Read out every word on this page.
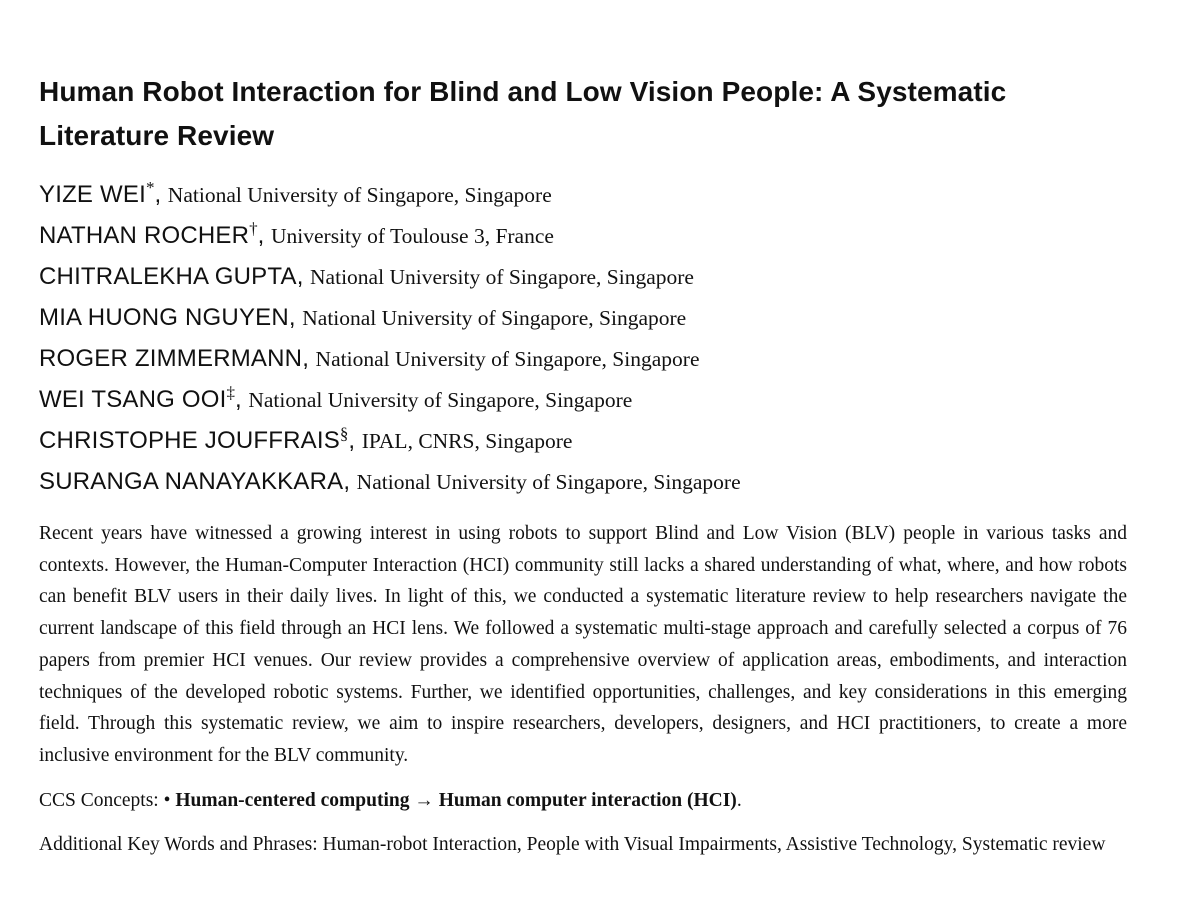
Human Robot Interaction for Blind and Low Vision People: A Systematic Literature Review
YIZE WEI*, National University of Singapore, Singapore
NATHAN ROCHER†, University of Toulouse 3, France
CHITRALEKHA GUPTA, National University of Singapore, Singapore
MIA HUONG NGUYEN, National University of Singapore, Singapore
ROGER ZIMMERMANN, National University of Singapore, Singapore
WEI TSANG OOI‡, National University of Singapore, Singapore
CHRISTOPHE JOUFFRAIS§, IPAL, CNRS, Singapore
SURANGA NANAYAKKARA, National University of Singapore, Singapore

Recent years have witnessed a growing interest in using robots to support Blind and Low Vision (BLV) people in various tasks and contexts. However, the Human-Computer Interaction (HCI) community still lacks a shared understanding of what, where, and how robots can benefit BLV users in their daily lives. In light of this, we conducted a systematic literature review to help researchers navigate the current landscape of this field through an HCI lens. We followed a systematic multi-stage approach and carefully selected a corpus of 76 papers from premier HCI venues. Our review provides a comprehensive overview of application areas, embodiments, and interaction techniques of the developed robotic systems. Further, we identified opportunities, challenges, and key considerations in this emerging field. Through this systematic review, we aim to inspire researchers, developers, designers, and HCI practitioners, to create a more inclusive environment for the BLV community.

CCS Concepts: • Human-centered computing → Human computer interaction (HCI).

Additional Key Words and Phrases: Human-robot Interaction, People with Visual Impairments, Assistive Technology, Systematic review
